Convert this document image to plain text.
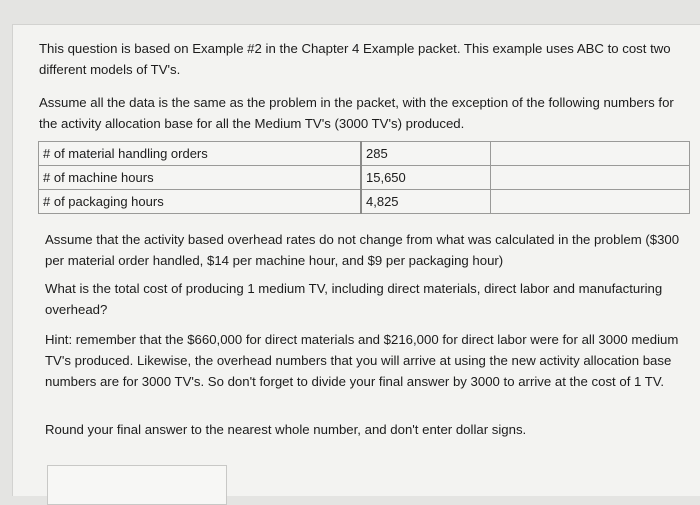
This question is based on Example #2 in the Chapter 4 Example packet. This example uses ABC to cost two different models of TV's.

Assume all the data is the same as the problem in the packet, with the exception of the following numbers for the activity allocation base for all the Medium TV's (3000 TV's) produced.

# of material handling orders	285	
# of machine hours	15,650	
# of packaging hours	4,825	

Assume that the activity based overhead rates do not change from what was calculated in the problem ($300 per material order handled, $14 per machine hour, and $9 per packaging hour)

What is the total cost of producing 1 medium TV, including direct materials, direct labor and manufacturing overhead?

Hint: remember that the $660,000 for direct materials and $216,000 for direct labor were for all 3000 medium TV's produced. Likewise, the overhead numbers that you will arrive at using the new activity allocation base numbers are for 3000 TV's. So don't forget to divide your final answer by 3000 to arrive at the cost of 1 TV.

Round your final answer to the nearest whole number, and don't enter dollar signs.
